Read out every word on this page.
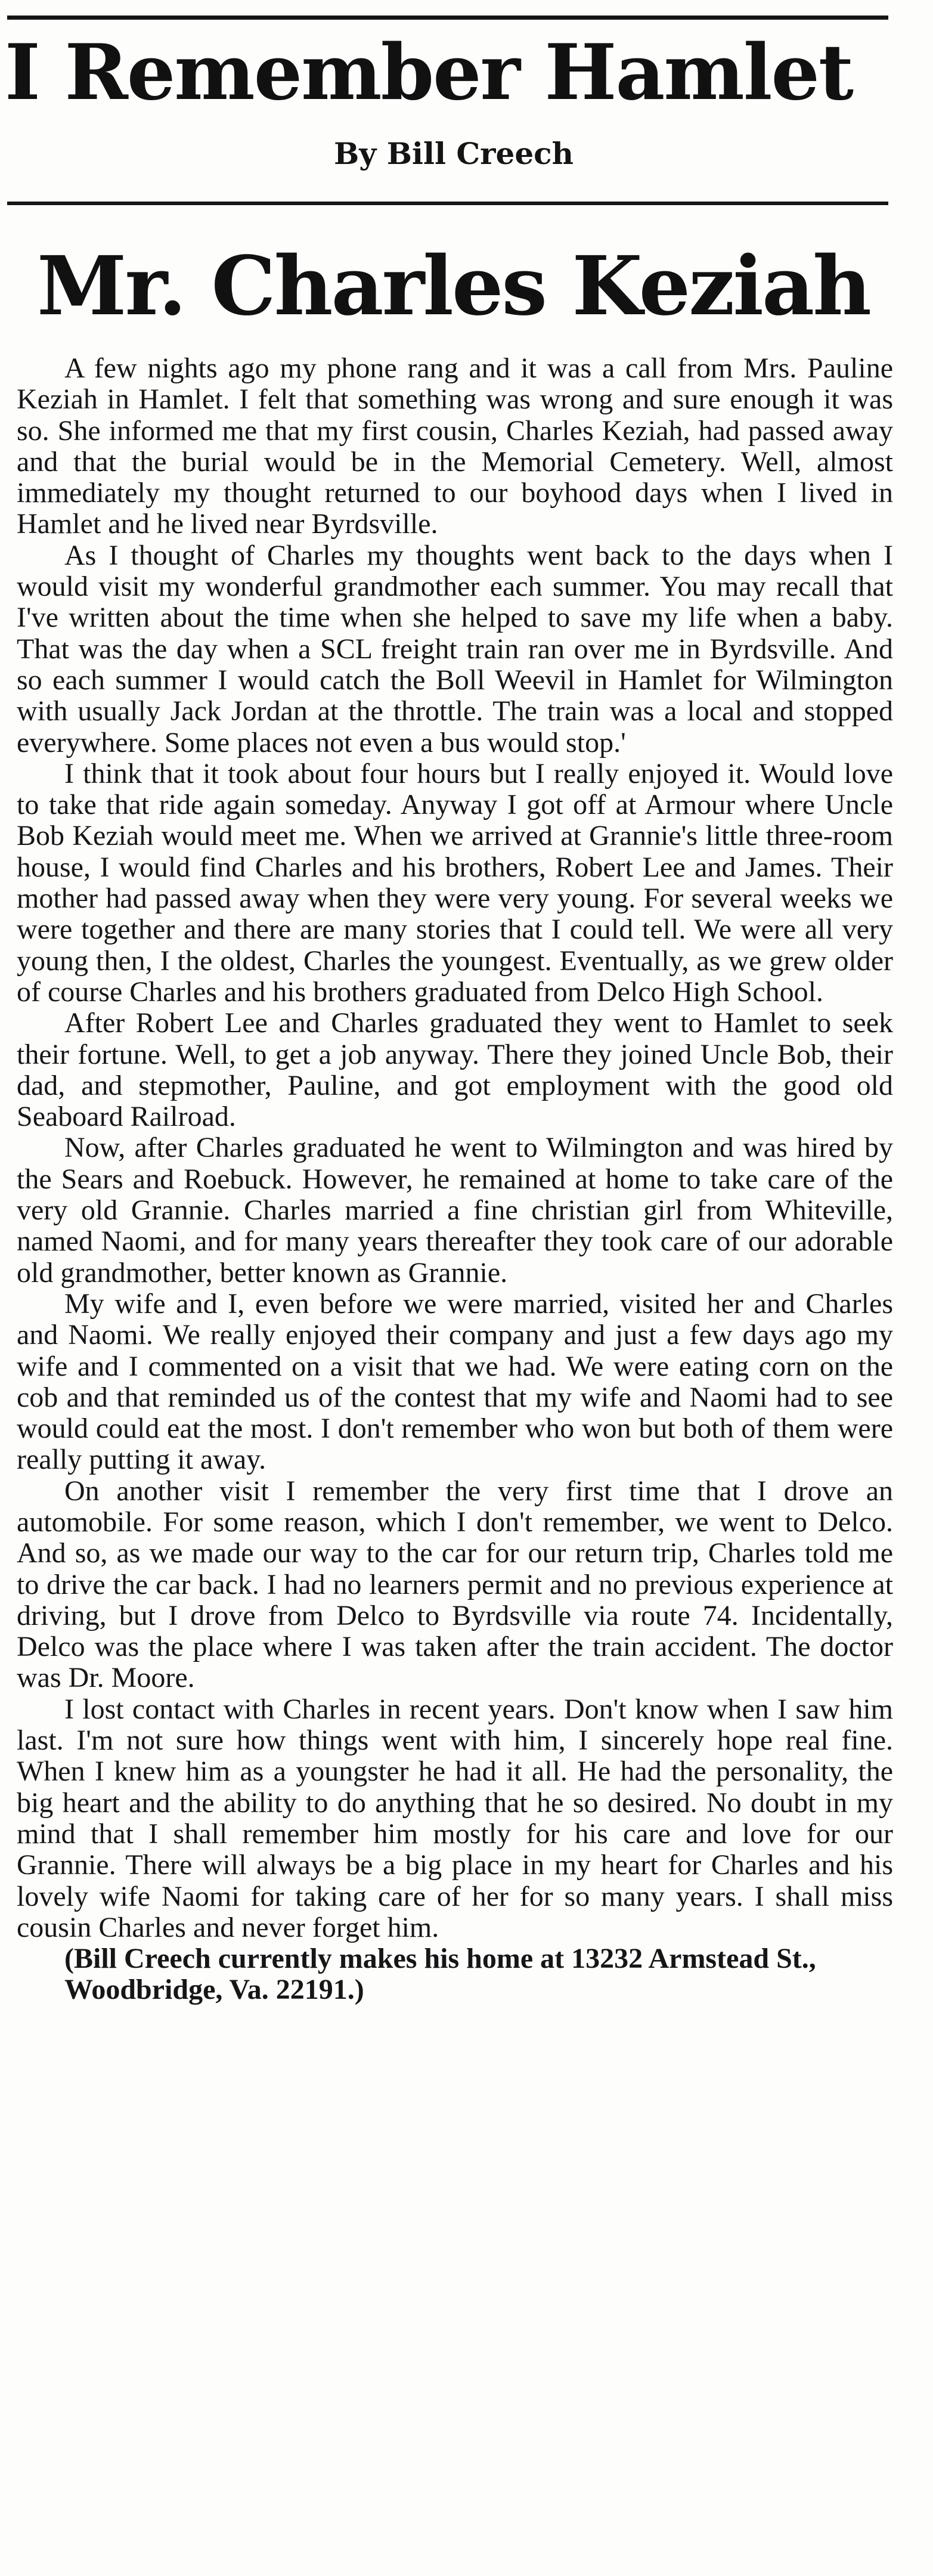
I Remember Hamlet

By Bill Creech

Mr. Charles Keziah

A few nights ago my phone rang and it was a call from Mrs. Pauline Keziah in Hamlet. I felt that something was wrong and sure enough it was so. She informed me that my first cousin, Charles Keziah, had passed away and that the burial would be in the Memorial Cemetery. Well, almost immediately my thought returned to our boyhood days when I lived in Hamlet and he lived near Byrdsville.

As I thought of Charles my thoughts went back to the days when I would visit my wonderful grandmother each summer. You may recall that I've written about the time when she helped to save my life when a baby. That was the day when a SCL freight train ran over me in Byrdsville. And so each summer I would catch the Boll Weevil in Hamlet for Wilmington with usually Jack Jordan at the throttle. The train was a local and stopped everywhere. Some places not even a bus would stop.'

I think that it took about four hours but I really enjoyed it. Would love to take that ride again someday. Anyway I got off at Armour where Uncle Bob Keziah would meet me. When we arrived at Grannie's little three-room house, I would find Charles and his brothers, Robert Lee and James. Their mother had passed away when they were very young. For several weeks we were together and there are many stories that I could tell. We were all very young then, I the oldest, Charles the youngest. Eventually, as we grew older of course Charles and his brothers graduated from Delco High School.

After Robert Lee and Charles graduated they went to Hamlet to seek their fortune. Well, to get a job anyway. There they joined Uncle Bob, their dad, and stepmother, Pauline, and got employment with the good old Seaboard Railroad.

Now, after Charles graduated he went to Wilmington and was hired by the Sears and Roebuck. However, he remained at home to take care of the very old Grannie. Charles married a fine christian girl from Whiteville, named Naomi, and for many years thereafter they took care of our adorable old grandmother, better known as Grannie.

My wife and I, even before we were married, visited her and Charles and Naomi. We really enjoyed their company and just a few days ago my wife and I commented on a visit that we had. We were eating corn on the cob and that reminded us of the contest that my wife and Naomi had to see would could eat the most. I don't remember who won but both of them were really putting it away.

On another visit I remember the very first time that I drove an automobile. For some reason, which I don't remember, we went to Delco. And so, as we made our way to the car for our return trip, Charles told me to drive the car back. I had no learners permit and no previous experience at driving, but I drove from Delco to Byrdsville via route 74. Incidentally, Delco was the place where I was taken after the train accident. The doctor was Dr. Moore.

I lost contact with Charles in recent years. Don't know when I saw him last. I'm not sure how things went with him, I sincerely hope real fine. When I knew him as a youngster he had it all. He had the personality, the big heart and the ability to do anything that he so desired. No doubt in my mind that I shall remember him mostly for his care and love for our Grannie. There will always be a big place in my heart for Charles and his lovely wife Naomi for taking care of her for so many years. I shall miss cousin Charles and never forget him.

(Bill Creech currently makes his home at 13232 Armstead St., Woodbridge, Va. 22191.)
